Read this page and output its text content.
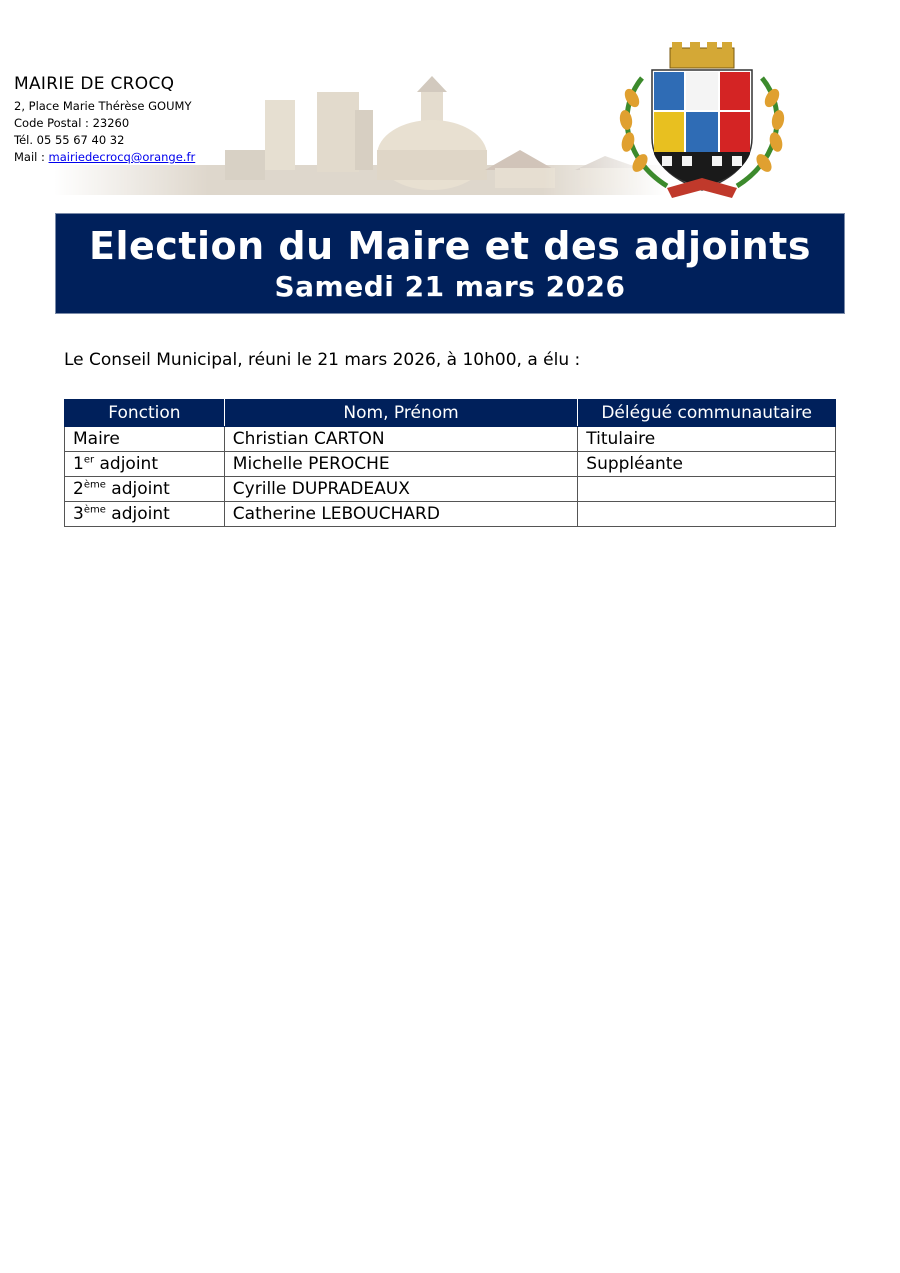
MAIRIE DE CROCQ
2, Place Marie Thérèse GOUMY
Code Postal : 23260
Tél. 05 55 67 40 32
Mail : mairiedecrocq@orange.fr
Election du Maire et des adjoints
Samedi 21 mars 2026
Le Conseil Municipal, réuni le 21 mars 2026, à 10h00, a élu :
Fonction	Nom, Prénom	Délégué communautaire
Maire	Christian CARTON	Titulaire
1er adjoint	Michelle PEROCHE	Suppléante
2ème adjoint	Cyrille DUPRADEAUX	
3ème adjoint	Catherine LEBOUCHARD	
